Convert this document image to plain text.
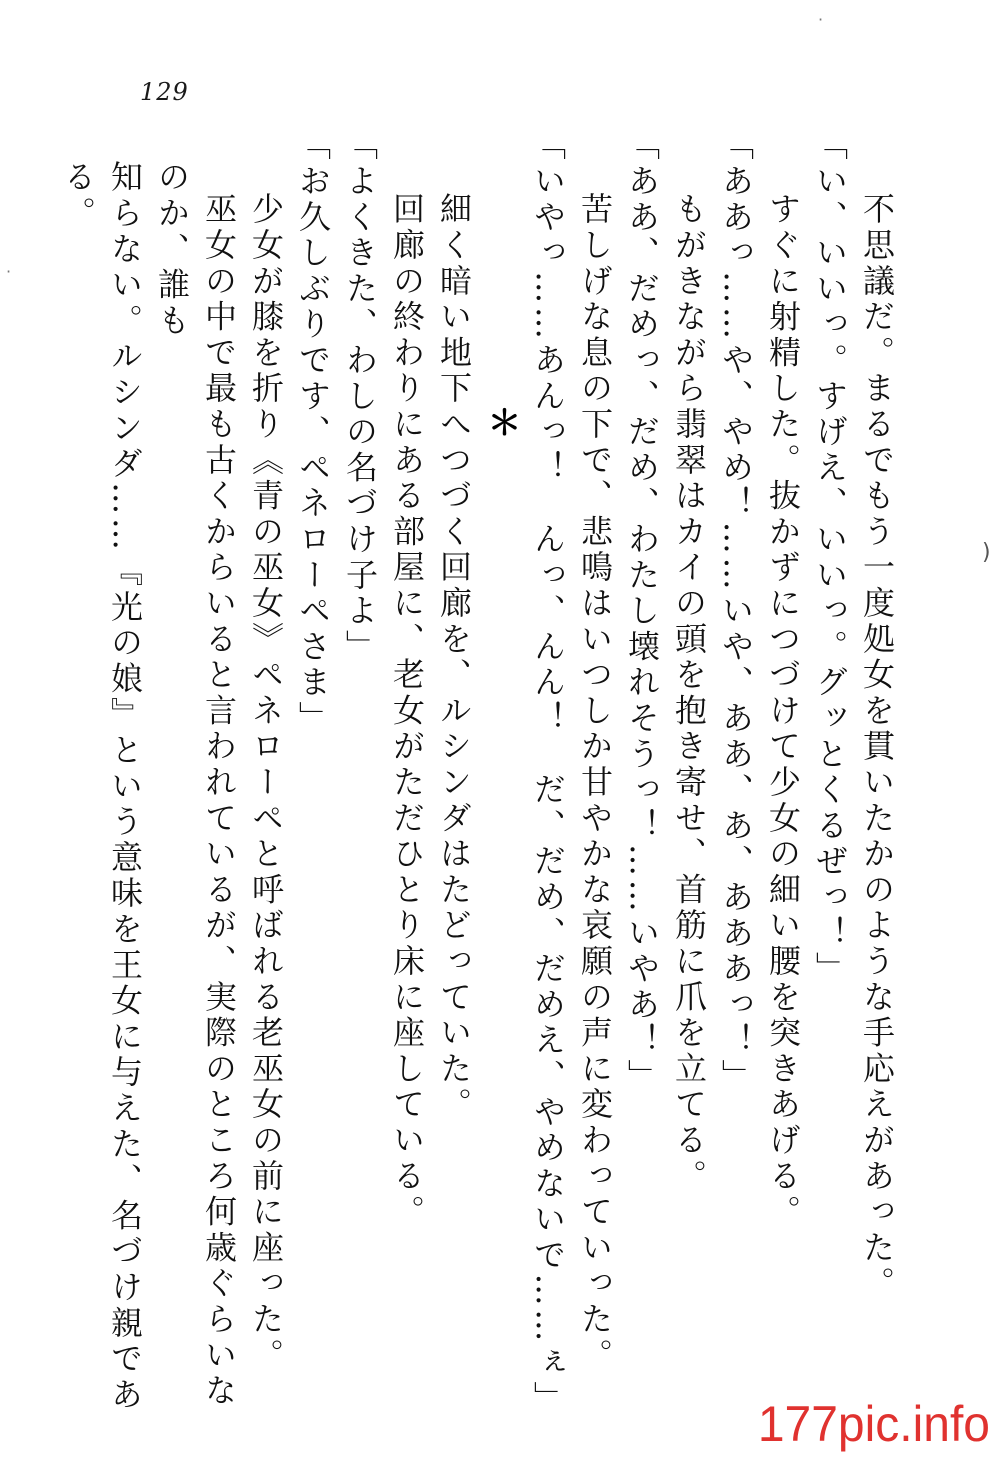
129
不思議だ。まるでもう一度処女を貫いたかのような手応えがあった。
「い、いいっ。すげえ、いいっ。グッとくるぜっ！」
すぐに射精した。抜かずにつづけて少女の細い腰を突きあげる。
「ああっ……や、やめ！……いや、ああ、あ、あああっ！」
もがきながら翡翠はカイの頭を抱き寄せ、首筋に爪を立てる。
「ああ、だめっ、だめ、わたし壊れそうっ！……いやあ！」
苦しげな息の下で、悲鳴はいつしか甘やかな哀願の声に変わっていった。
「いやっ……あんっ！　んっ、んん！　だ、だめ、だめえ、やめないで……ぇ」
＊
細く暗い地下へつづく回廊を、ルシンダはたどっていた。
回廊の終わりにある部屋に、老女がただひとり床に座している。
「よくきた、わしの名づけ子よ」
「お久しぶりです、ペネローペさま」
少女が膝を折り《青の巫女》ペネローペと呼ばれる老巫女の前に座った。
巫女の中で最も古くからいると言われているが、実際のところ何歳ぐらいなのか、誰も
知らない。ルシンダ……『光の娘』という意味を王女に与えた、名づけ親である。
·
·
)
177pic.info
